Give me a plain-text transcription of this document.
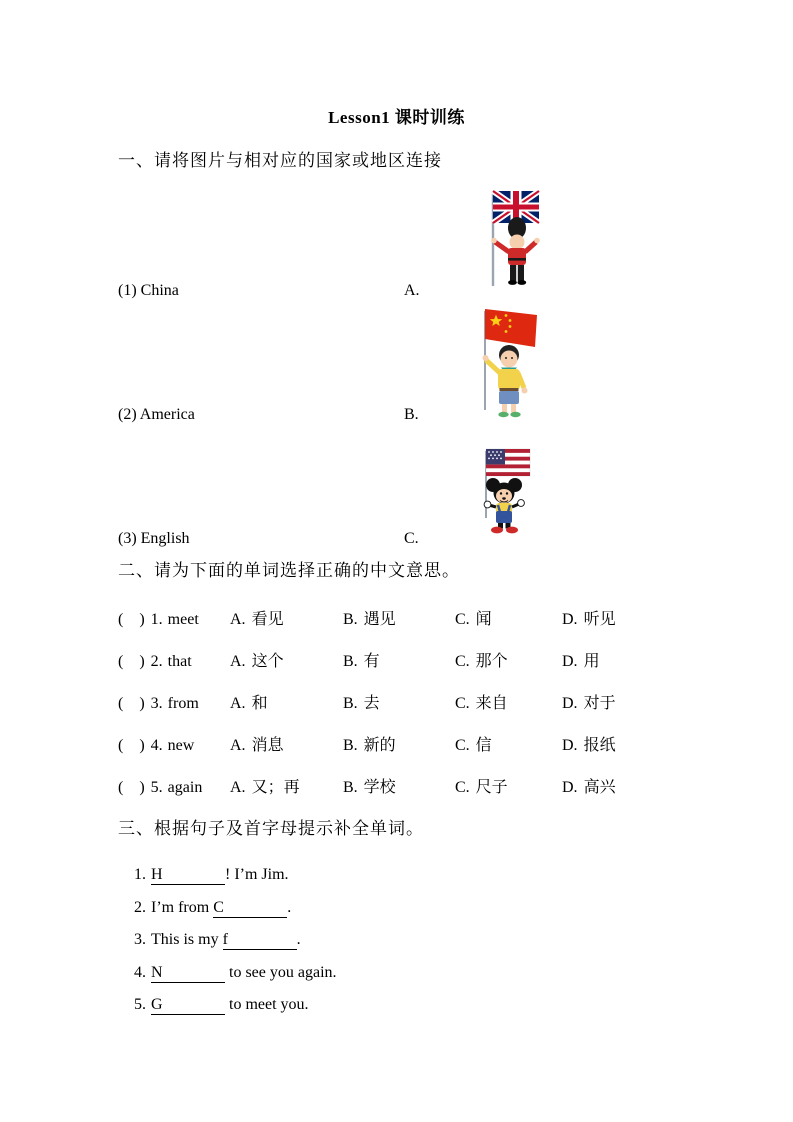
Lesson1 课时训练
一、请将图片与相对应的国家或地区连接
(1) China	A.
(2) America	B.
(3) English	C.
二、请为下面的单词选择正确的中文意思。
(　) 1. meet A. 看见	B. 遇见	C. 闻	D. 听见
(　) 2. that A. 这个	B. 有	C. 那个	D. 用
(　) 3. from A. 和	B. 去	C. 来自	D. 对于
(　) 4. new A. 消息	B. 新的	C. 信	D. 报纸
(　) 5. again A. 又；再	B. 学校	C. 尺子	D. 高兴
三、根据句子及首字母提示补全单词。

1. H	! I’m Jim.

2. I’m from C	.

3. This is my f	.

4. N	to see you again.

5. G	to meet you.
